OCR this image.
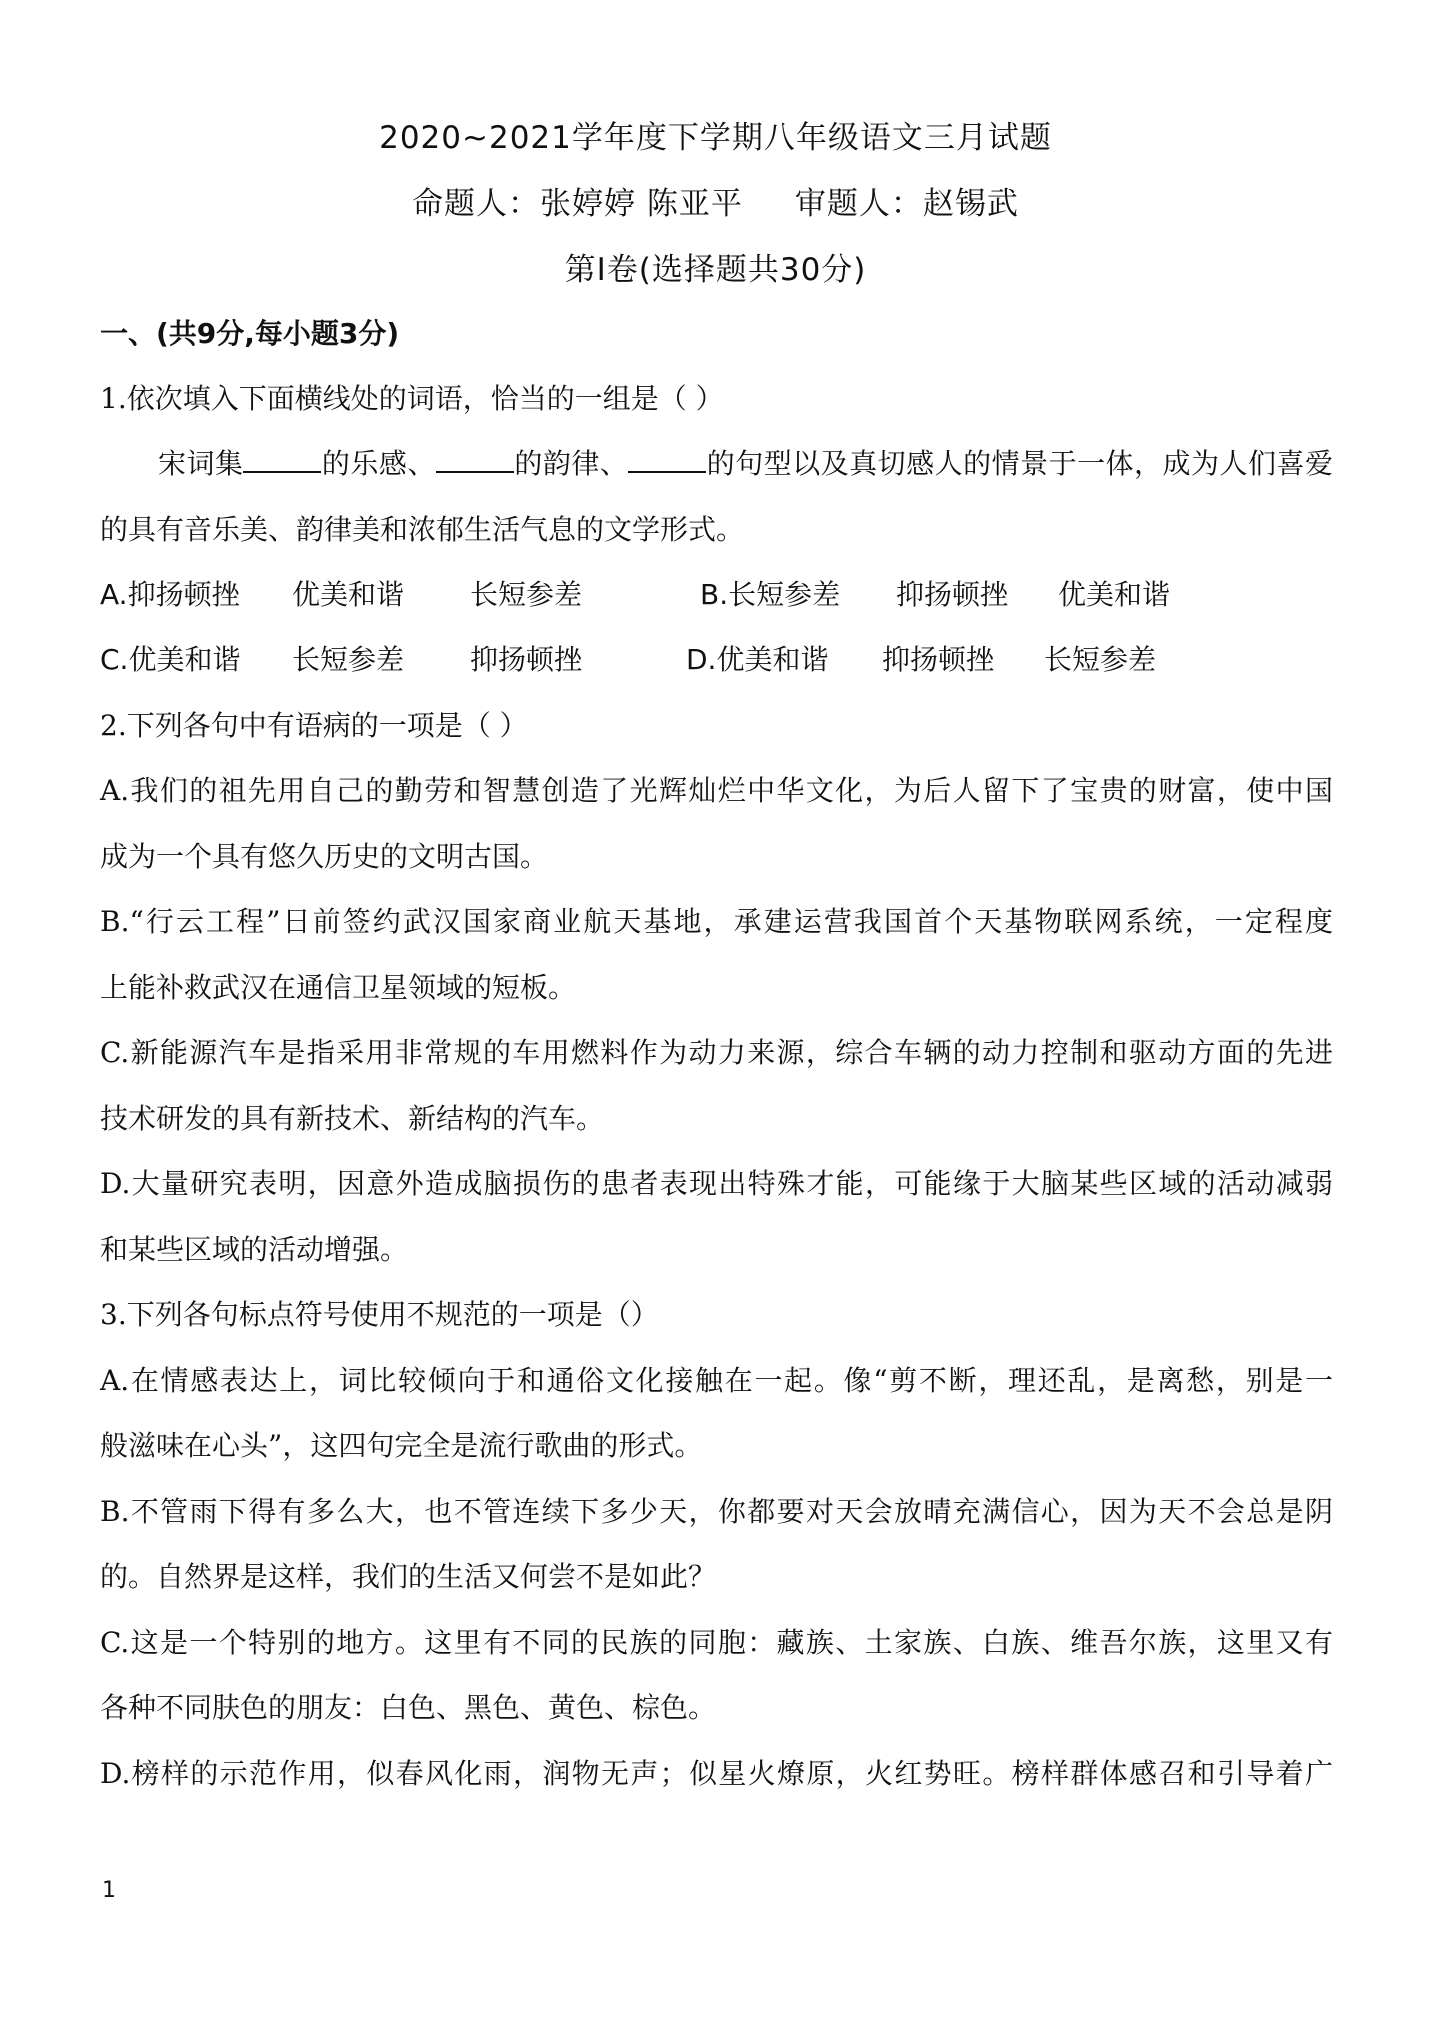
2020~2021学年度下学期八年级语文三月试题
命题人：张婷婷 陈亚平 审题人：赵锡武
第Ⅰ卷(选择题共30分)
一、(共9分,每小题3分)
1.依次填入下面横线处的词语，恰当的一组是（ ）
宋词集	的乐感、	的韵律、	的句型以及真切感人的情景于一体，成为人们喜爱
的具有音乐美、韵律美和浓郁生活气息的文学形式。
A.抑扬顿挫 优美和谐 长短参差	B.长短参差 抑扬顿挫 优美和谐
C.优美和谐 长短参差 抑扬顿挫	D.优美和谐 抑扬顿挫 长短参差
2.下列各句中有语病的一项是（ ）
A.我们的祖先用自己的勤劳和智慧创造了光辉灿烂中华文化，为后人留下了宝贵的财富，使中国
成为一个具有悠久历史的文明古国。
B.“行云工程”日前签约武汉国家商业航天基地，承建运营我国首个天基物联网系统，一定程度
上能补救武汉在通信卫星领域的短板。
C.新能源汽车是指采用非常规的车用燃料作为动力来源，综合车辆的动力控制和驱动方面的先进
技术研发的具有新技术、新结构的汽车。
D.大量研究表明，因意外造成脑损伤的患者表现出特殊才能，可能缘于大脑某些区域的活动减弱
和某些区域的活动增强。
3.下列各句标点符号使用不规范的一项是（）
A.在情感表达上，词比较倾向于和通俗文化接触在一起。像“剪不断，理还乱，是离愁，别是一
般滋味在心头”，这四句完全是流行歌曲的形式。
B.不管雨下得有多么大，也不管连续下多少天，你都要对天会放晴充满信心，因为天不会总是阴
的。自然界是这样，我们的生活又何尝不是如此？
C.这是一个特别的地方。这里有不同的民族的同胞：藏族、土家族、白族、维吾尔族，这里又有
各种不同肤色的朋友：白色、黑色、黄色、棕色。
D.榜样的示范作用，似春风化雨，润物无声；似星火燎原，火红势旺。榜样群体感召和引导着广
1
